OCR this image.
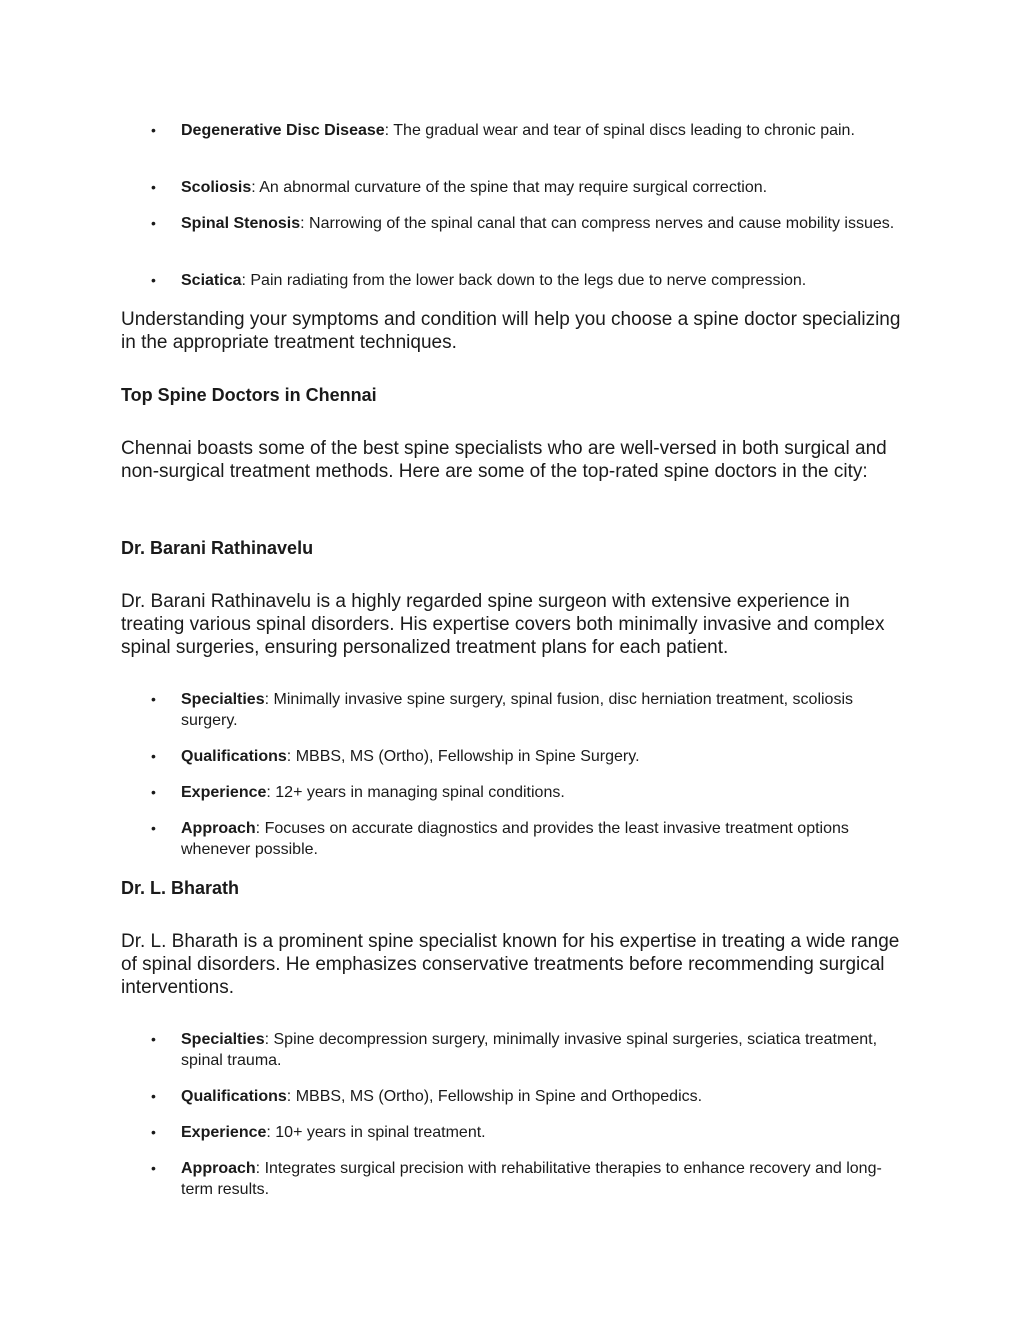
• Degenerative Disc Disease: The gradual wear and tear of spinal discs leading to chronic pain.
• Scoliosis: An abnormal curvature of the spine that may require surgical correction.
• Spinal Stenosis: Narrowing of the spinal canal that can compress nerves and cause mobility issues.
• Sciatica: Pain radiating from the lower back down to the legs due to nerve compression.

Understanding your symptoms and condition will help you choose a spine doctor specializing in the appropriate treatment techniques.

Top Spine Doctors in Chennai

Chennai boasts some of the best spine specialists who are well-versed in both surgical and non-surgical treatment methods. Here are some of the top-rated spine doctors in the city:

Dr. Barani Rathinavelu

Dr. Barani Rathinavelu is a highly regarded spine surgeon with extensive experience in treating various spinal disorders. His expertise covers both minimally invasive and complex spinal surgeries, ensuring personalized treatment plans for each patient.

• Specialties: Minimally invasive spine surgery, spinal fusion, disc herniation treatment, scoliosis surgery.
• Qualifications: MBBS, MS (Ortho), Fellowship in Spine Surgery.
• Experience: 12+ years in managing spinal conditions.
• Approach: Focuses on accurate diagnostics and provides the least invasive treatment options whenever possible.
Dr. L. Bharath

Dr. L. Bharath is a prominent spine specialist known for his expertise in treating a wide range of spinal disorders. He emphasizes conservative treatments before recommending surgical interventions.

• Specialties: Spine decompression surgery, minimally invasive spinal surgeries, sciatica treatment, spinal trauma.
• Qualifications: MBBS, MS (Ortho), Fellowship in Spine and Orthopedics.
• Experience: 10+ years in spinal treatment.
• Approach: Integrates surgical precision with rehabilitative therapies to enhance recovery and long-term results.
